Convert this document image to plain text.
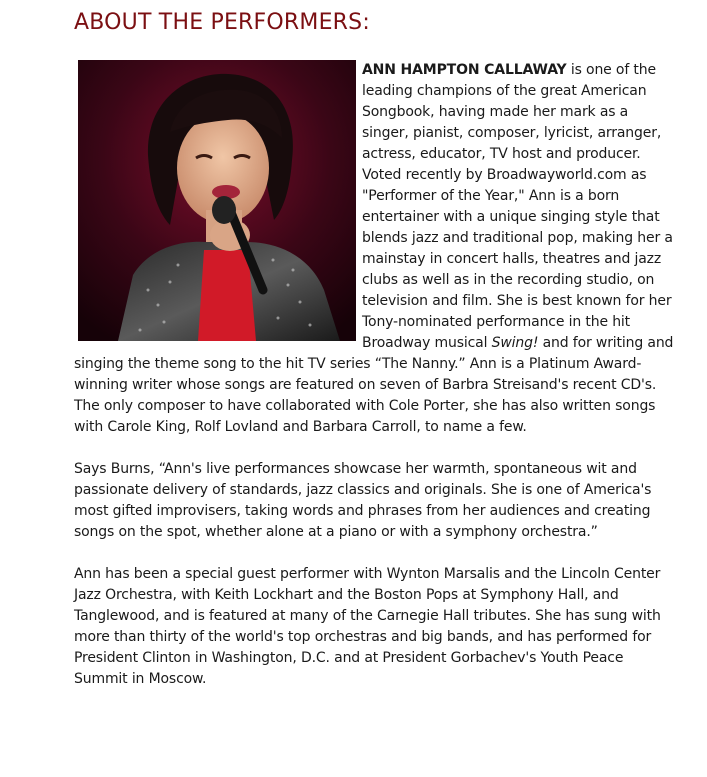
ABOUT THE PERFORMERS:

ANN HAMPTON CALLAWAY is one of the leading champions of the great American Songbook, having made her mark as a singer, pianist, composer, lyricist, arranger, actress, educator, TV host and producer. Voted recently by Broadwayworld.com as "Performer of the Year," Ann is a born entertainer with a unique singing style that blends jazz and traditional pop, making her a mainstay in concert halls, theatres and jazz clubs as well as in the recording studio, on television and film. She is best known for her Tony-nominated performance in the hit Broadway musical Swing! and for writing and singing the theme song to the hit TV series “The Nanny.” Ann is a Platinum Award-winning writer whose songs are featured on seven of Barbra Streisand's recent CD's. The only composer to have collaborated with Cole Porter, she has also written songs with Carole King, Rolf Lovland and Barbara Carroll, to name a few.

Says Burns, “Ann's live performances showcase her warmth, spontaneous wit and passionate delivery of standards, jazz classics and originals. She is one of America's most gifted improvisers, taking words and phrases from her audiences and creating songs on the spot, whether alone at a piano or with a symphony orchestra.”

Ann has been a special guest performer with Wynton Marsalis and the Lincoln Center Jazz Orchestra, with Keith Lockhart and the Boston Pops at Symphony Hall, and Tanglewood, and is featured at many of the Carnegie Hall tributes. She has sung with more than thirty of the world's top orchestras and big bands, and has performed for President Clinton in Washington, D.C. and at President Gorbachev's Youth Peace Summit in Moscow.
